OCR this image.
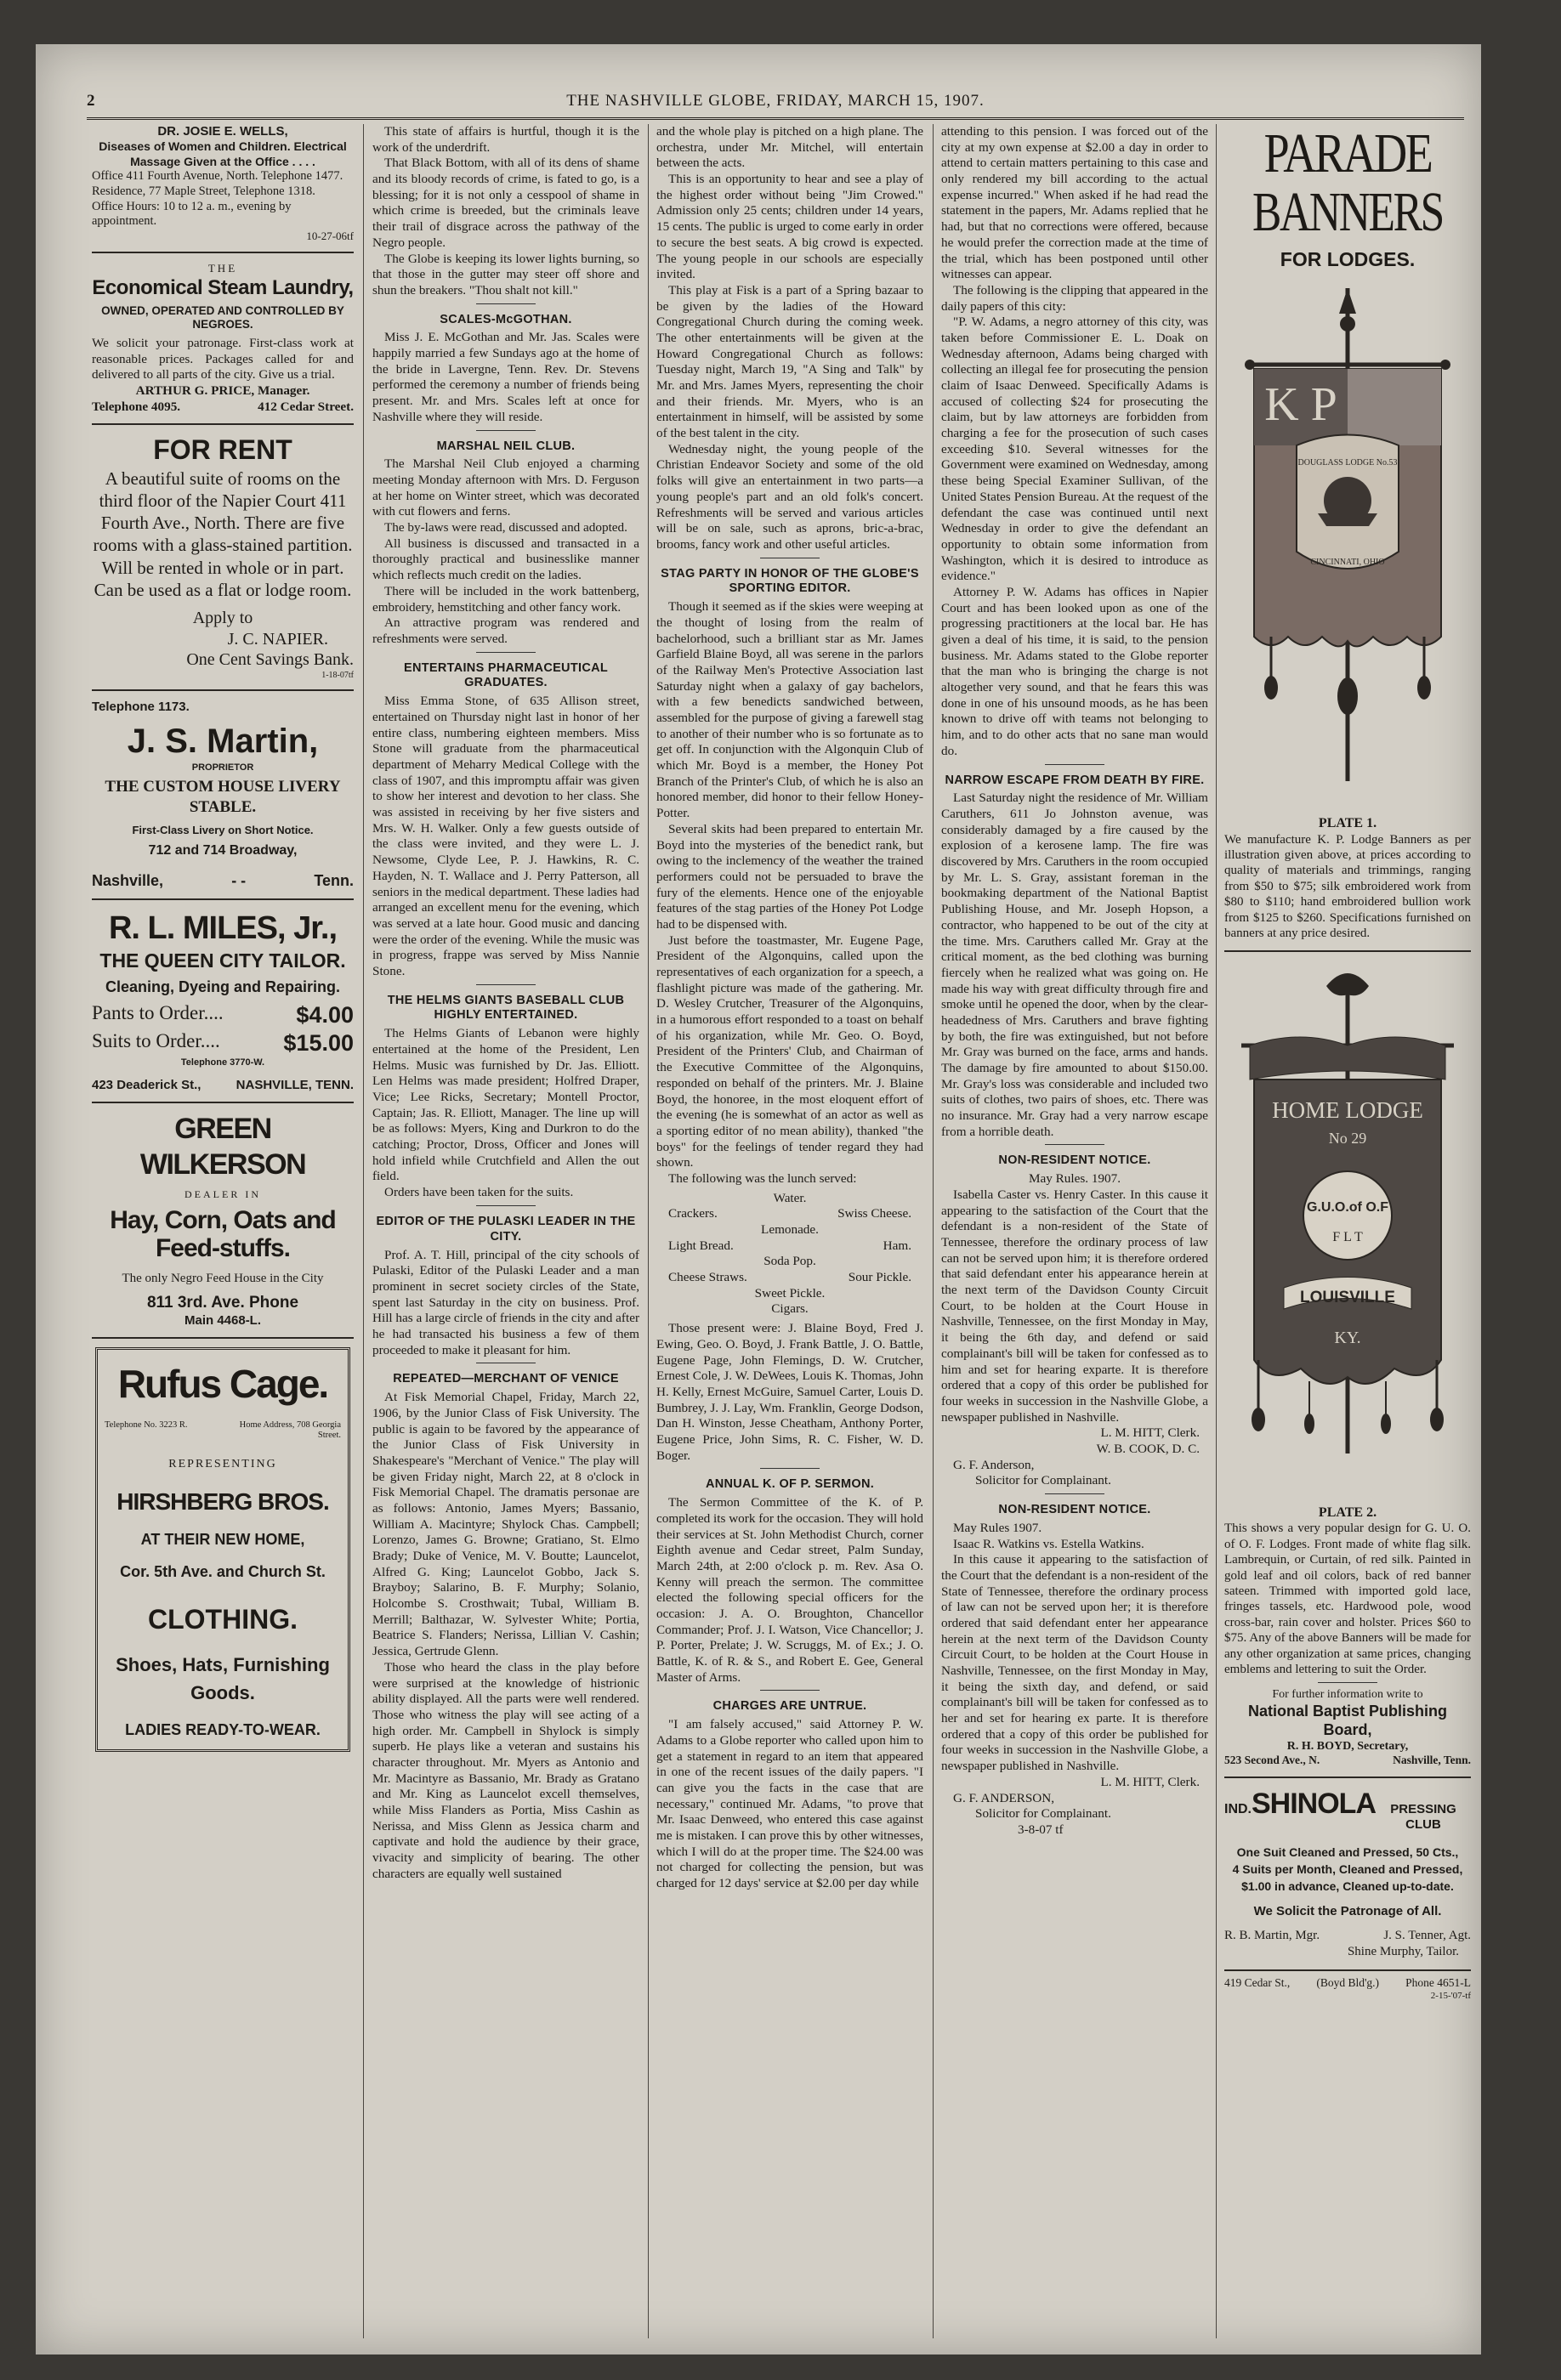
2	THE NASHVILLE GLOBE, FRIDAY, MARCH 15, 1907.
DR. JOSIE E. WELLS,
Diseases of Women and Children. Electrical Massage Given at the Office . . . .

Office 411 Fourth Avenue, North. Telephone 1477. Residence, 77 Maple Street, Telephone 1318.

Office Hours: 10 to 12 a. m., evening by appointment.

10-27-06tf
THE
Economical Steam Laundry,
OWNED, OPERATED AND CONTROLLED BY NEGROES.

We solicit your patronage. First-class work at reasonable prices. Packages called for and delivered to all parts of the city. Give us a trial.

ARTHUR G. PRICE, Manager.
Telephone 4095.	412 Cedar Street.
FOR RENT

A beautiful suite of rooms on the third floor of the Napier Court 411 Fourth Ave., North. There are five rooms with a glass-stained partition. Will be rented in whole or in part. Can be used as a flat or lodge room.

Apply to
J. C. NAPIER.
One Cent Savings Bank.
1-18-07tf
Telephone 1173.
J. S. Martin,
PROPRIETOR
THE CUSTOM HOUSE LIVERY STABLE.
First-Class Livery on Short Notice.
712 and 714 Broadway,
Nashville,	- -	Tenn.
R. L. MILES, Jr.,
THE QUEEN CITY TAILOR.
Cleaning, Dyeing and Repairing.
Pants to Order....	$4.00
Suits to Order....	$15.00
Telephone 3770-W.
423 Deaderick St.,	NASHVILLE, TENN.
GREEN WILKERSON
DEALER IN
Hay, Corn, Oats and Feed-stuffs.
The only Negro Feed House in the City
811 3rd. Ave. Phone
Main 4468-L.
Rufus Cage.
Telephone No. 3223 R.	Home Address, 708 Georgia Street.
REPRESENTING
HIRSHBERG BROS.
AT THEIR NEW HOME,
Cor. 5th Ave. and Church St.
CLOTHING.
Shoes, Hats, Furnishing Goods.
LADIES READY-TO-WEAR.

This state of affairs is hurtful, though it is the work of the underdrift.

That Black Bottom, with all of its dens of shame and its bloody records of crime, is fated to go, is a blessing; for it is not only a cesspool of shame in which crime is breeded, but the criminals leave their trail of disgrace across the pathway of the Negro people.

The Globe is keeping its lower lights burning, so that those in the gutter may steer off shore and shun the breakers. "Thou shalt not kill."

SCALES-McGOTHAN.

Miss J. E. McGothan and Mr. Jas. Scales were happily married a few Sundays ago at the home of the bride in Lavergne, Tenn. Rev. Dr. Stevens performed the ceremony a number of friends being present. Mr. and Mrs. Scales left at once for Nashville where they will reside.

MARSHAL NEIL CLUB.

The Marshal Neil Club enjoyed a charming meeting Monday afternoon with Mrs. D. Ferguson at her home on Winter street, which was decorated with cut flowers and ferns.

The by-laws were read, discussed and adopted.

All business is discussed and transacted in a thoroughly practical and businesslike manner which reflects much credit on the ladies.

There will be included in the work battenberg, embroidery, hemstitching and other fancy work.

An attractive program was rendered and refreshments were served.

ENTERTAINS PHARMACEUTICAL GRADUATES.

Miss Emma Stone, of 635 Allison street, entertained on Thursday night last in honor of her entire class, numbering eighteen members. Miss Stone will graduate from the pharmaceutical department of Meharry Medical College with the class of 1907, and this impromptu affair was given to show her interest and devotion to her class. She was assisted in receiving by her five sisters and Mrs. W. H. Walker. Only a few guests outside of the class were invited, and they were L. J. Newsome, Clyde Lee, P. J. Hawkins, R. C. Hayden, N. T. Wallace and J. Perry Patterson, all seniors in the medical department. These ladies had arranged an excellent menu for the evening, which was served at a late hour. Good music and dancing were the order of the evening. While the music was in progress, frappe was served by Miss Nannie Stone.

THE HELMS GIANTS BASEBALL CLUB HIGHLY ENTERTAINED.

The Helms Giants of Lebanon were highly entertained at the home of the President, Len Helms. Music was furnished by Dr. Jas. Elliott. Len Helms was made president; Holfred Draper, Vice; Lee Ricks, Secretary; Montell Proctor, Captain; Jas. R. Elliott, Manager. The line up will be as follows: Myers, King and Durkron to do the catching; Proctor, Dross, Officer and Jones will hold infield while Crutchfield and Allen the out field.

Orders have been taken for the suits.

EDITOR OF THE PULASKI LEADER IN THE CITY.

Prof. A. T. Hill, principal of the city schools of Pulaski, Editor of the Pulaski Leader and a man prominent in secret society circles of the State, spent last Saturday in the city on business. Prof. Hill has a large circle of friends in the city and after he had transacted his business a few of them proceeded to make it pleasant for him.

REPEATED—MERCHANT OF VENICE

At Fisk Memorial Chapel, Friday, March 22, 1906, by the Junior Class of Fisk University. The public is again to be favored by the appearance of the Junior Class of Fisk University in Shakespeare's "Merchant of Venice." The play will be given Friday night, March 22, at 8 o'clock in Fisk Memorial Chapel. The dramatis personae are as follows: Antonio, James Myers; Bassanio, William A. Macintyre; Shylock Chas. Campbell; Lorenzo, James G. Browne; Gratiano, St. Elmo Brady; Duke of Venice, M. V. Boutte; Launcelot, Alfred G. King; Launcelot Gobbo, Jack S. Brayboy; Salarino, B. F. Murphy; Solanio, Holcombe S. Crosthwait; Tubal, William B. Merrill; Balthazar, W. Sylvester White; Portia, Beatrice S. Flanders; Nerissa, Lillian V. Cashin; Jessica, Gertrude Glenn.

Those who heard the class in the play before were surprised at the knowledge of histrionic ability displayed. All the parts were well rendered. Those who witness the play will see acting of a high order. Mr. Campbell in Shylock is simply superb. He plays like a veteran and sustains his character throughout. Mr. Myers as Antonio and Mr. Macintyre as Bassanio, Mr. Brady as Gratano and Mr. King as Launcelot excell themselves, while Miss Flanders as Portia, Miss Cashin as Nerissa, and Miss Glenn as Jessica charm and captivate and hold the audience by their grace, vivacity and simplicity of bearing. The other characters are equally well sustained

and the whole play is pitched on a high plane. The orchestra, under Mr. Mitchel, will entertain between the acts.

This is an opportunity to hear and see a play of the highest order without being "Jim Crowed." Admission only 25 cents; children under 14 years, 15 cents. The public is urged to come early in order to secure the best seats. A big crowd is expected. The young people in our schools are especially invited.

This play at Fisk is a part of a Spring bazaar to be given by the ladies of the Howard Congregational Church during the coming week. The other entertainments will be given at the Howard Congregational Church as follows: Tuesday night, March 19, "A Sing and Talk" by Mr. and Mrs. James Myers, representing the choir and their friends. Mr. Myers, who is an entertainment in himself, will be assisted by some of the best talent in the city.

Wednesday night, the young people of the Christian Endeavor Society and some of the old folks will give an entertainment in two parts—a young people's part and an old folk's concert. Refreshments will be served and various articles will be on sale, such as aprons, bric-a-brac, brooms, fancy work and other useful articles.

STAG PARTY IN HONOR OF THE GLOBE'S SPORTING EDITOR.

Though it seemed as if the skies were weeping at the thought of losing from the realm of bachelorhood, such a brilliant star as Mr. James Garfield Blaine Boyd, all was serene in the parlors of the Railway Men's Protective Association last Saturday night when a galaxy of gay bachelors, with a few benedicts sandwiched between, assembled for the purpose of giving a farewell stag to another of their number who is so fortunate as to get off. In conjunction with the Algonquin Club of which Mr. Boyd is a member, the Honey Pot Branch of the Printer's Club, of which he is also an honored member, did honor to their fellow Honey-Potter.

Several skits had been prepared to entertain Mr. Boyd into the mysteries of the benedict rank, but owing to the inclemency of the weather the trained performers could not be persuaded to brave the fury of the elements. Hence one of the enjoyable features of the stag parties of the Honey Pot Lodge had to be dispensed with.

Just before the toastmaster, Mr. Eugene Page, President of the Algonquins, called upon the representatives of each organization for a speech, a flashlight picture was made of the gathering. Mr. D. Wesley Crutcher, Treasurer of the Algonquins, in a humorous effort responded to a toast on behalf of his organization, while Mr. Geo. O. Boyd, President of the Printers' Club, and Chairman of the Executive Committee of the Algonquins, responded on behalf of the printers. Mr. J. Blaine Boyd, the honoree, in the most eloquent effort of the evening (he is somewhat of an actor as well as a sporting editor of no mean ability), thanked "the boys" for the feelings of tender regard they had shown.

The following was the lunch served:

Water.
Crackers.	Swiss Cheese.
Lemonade.
Light Bread.	Ham.
Soda Pop.
Cheese Straws.	Sour Pickle.
Sweet Pickle.
Cigars.

Those present were: J. Blaine Boyd, Fred J. Ewing, Geo. O. Boyd, J. Frank Battle, J. O. Battle, Eugene Page, John Flemings, D. W. Crutcher, Ernest Cole, J. W. DeWees, Louis K. Thomas, John H. Kelly, Ernest McGuire, Samuel Carter, Louis D. Bumbrey, J. J. Lay, Wm. Franklin, George Dodson, Dan H. Winston, Jesse Cheatham, Anthony Porter, Eugene Price, John Sims, R. C. Fisher, W. D. Boger.

ANNUAL K. OF P. SERMON.

The Sermon Committee of the K. of P. completed its work for the occasion. They will hold their services at St. John Methodist Church, corner Eighth avenue and Cedar street, Palm Sunday, March 24th, at 2:00 o'clock p. m. Rev. Asa O. Kenny will preach the sermon. The committee elected the following special officers for the occasion: J. A. O. Broughton, Chancellor Commander; Prof. J. I. Watson, Vice Chancellor; J. P. Porter, Prelate; J. W. Scruggs, M. of Ex.; J. O. Battle, K. of R. & S., and Robert E. Gee, General Master of Arms.

CHARGES ARE UNTRUE.

"I am falsely accused," said Attorney P. W. Adams to a Globe reporter who called upon him to get a statement in regard to an item that appeared in one of the recent issues of the daily papers. "I can give you the facts in the case that are necessary," continued Mr. Adams, "to prove that Mr. Isaac Denweed, who entered this case against me is mistaken. I can prove this by other witnesses, which I will do at the proper time. The $24.00 was not charged for collecting the pension, but was charged for 12 days' service at $2.00 per day while

attending to this pension. I was forced out of the city at my own expense at $2.00 a day in order to attend to certain matters pertaining to this case and only rendered my bill according to the actual expense incurred." When asked if he had read the statement in the papers, Mr. Adams replied that he had, but that no corrections were offered, because he would prefer the correction made at the time of the trial, which has been postponed until other witnesses can appear.

The following is the clipping that appeared in the daily papers of this city:

"P. W. Adams, a negro attorney of this city, was taken before Commissioner E. L. Doak on Wednesday afternoon, Adams being charged with collecting an illegal fee for prosecuting the pension claim of Isaac Denweed. Specifically Adams is accused of collecting $24 for prosecuting the claim, but by law attorneys are forbidden from charging a fee for the prosecution of such cases exceeding $10. Several witnesses for the Government were examined on Wednesday, among these being Special Examiner Sullivan, of the United States Pension Bureau. At the request of the defendant the case was continued until next Wednesday in order to give the defendant an opportunity to obtain some information from Washington, which it is desired to introduce as evidence."

Attorney P. W. Adams has offices in Napier Court and has been looked upon as one of the progressing practitioners at the local bar. He has given a deal of his time, it is said, to the pension business. Mr. Adams stated to the Globe reporter that the man who is bringing the charge is not altogether very sound, and that he fears this was done in one of his unsound moods, as he has been known to drive off with teams not belonging to him, and to do other acts that no sane man would do.

NARROW ESCAPE FROM DEATH BY FIRE.

Last Saturday night the residence of Mr. William Caruthers, 611 Jo Johnston avenue, was considerably damaged by a fire caused by the explosion of a kerosene lamp. The fire was discovered by Mrs. Caruthers in the room occupied by Mr. L. S. Gray, assistant foreman in the bookmaking department of the National Baptist Publishing House, and Mr. Joseph Hopson, a contractor, who happened to be out of the city at the time. Mrs. Caruthers called Mr. Gray at the critical moment, as the bed clothing was burning fiercely when he realized what was going on. He made his way with great difficulty through fire and smoke until he opened the door, when by the clear-headedness of Mrs. Caruthers and brave fighting by both, the fire was extinguished, but not before Mr. Gray was burned on the face, arms and hands. The damage by fire amounted to about $150.00. Mr. Gray's loss was considerable and included two suits of clothes, two pairs of shoes, etc. There was no insurance. Mr. Gray had a very narrow escape from a horrible death.

NON-RESIDENT NOTICE.
May Rules. 1907.

Isabella Caster vs. Henry Caster. In this cause it appearing to the satisfaction of the Court that the defendant is a non-resident of the State of Tennessee, therefore the ordinary process of law can not be served upon him; it is therefore ordered that said defendant enter his appearance herein at the next term of the Davidson County Circuit Court, to be holden at the Court House in Nashville, Tennessee, on the first Monday in May, it being the 6th day, and defend or said complainant's bill will be taken for confessed as to him and set for hearing exparte. It is therefore ordered that a copy of this order be published for four weeks in succession in the Nashville Globe, a newspaper published in Nashville.

L. M. HITT, Clerk.
W. B. COOK, D. C.
G. F. Anderson,
Solicitor for Complainant.
NON-RESIDENT NOTICE.
May Rules 1907.

Isaac R. Watkins vs. Estella Watkins.

In this cause it appearing to the satisfaction of the Court that the defendant is a non-resident of the State of Tennessee, therefore the ordinary process of law can not be served upon her; it is therefore ordered that said defendant enter her appearance herein at the next term of the Davidson County Circuit Court, to be holden at the Court House in Nashville, Tennessee, on the first Monday in May, it being the sixth day, and defend, or said complainant's bill will be taken for confessed as to her and set for hearing ex parte. It is therefore ordered that a copy of this order be published for four weeks in succession in the Nashville Globe, a newspaper published in Nashville.

L. M. HITT, Clerk.
G. F. ANDERSON,
Solicitor for Complainant.
3-8-07 tf
PARADE
BANNERS
FOR LODGES.
K P
DOUGLASS LODGE No.53
CINCINNATI, OHIO
PLATE 1.

We manufacture K. P. Lodge Banners as per illustration given above, at prices according to quality of materials and trimmings, ranging from $50 to $75; silk embroidered work from $80 to $110; hand embroidered bullion work from $125 to $260. Specifications furnished on banners at any price desired.

HOME LODGE
No 29
G.U.O.of O.F
F L T
LOUISVILLE
KY.
PLATE 2.

This shows a very popular design for G. U. O. of O. F. Lodges. Front made of white flag silk. Lambrequin, or Curtain, of red silk. Painted in gold leaf and oil colors, back of red banner sateen. Trimmed with imported gold lace, fringes tassels, etc. Hardwood pole, wood cross-bar, rain cover and holster. Prices $60 to $75. Any of the above Banners will be made for any other organization at same prices, changing emblems and lettering to suit the Order.

For further information write to
National Baptist Publishing Board,
R. H. BOYD, Secretary,
523 Second Ave., N.	Nashville, Tenn.
IND. SHINOLA	PRESSING CLUB
One Suit Cleaned and Pressed, 50 Cts.,
4 Suits per Month, Cleaned and Pressed,
$1.00 in advance, Cleaned up-to-date.
We Solicit the Patronage of All.
R. B. Martin, Mgr.	J. S. Tenner, Agt.
Shine Murphy, Tailor.
419 Cedar St., (Boyd Bld'g.) Phone 4651-L
2-15-'07-tf
